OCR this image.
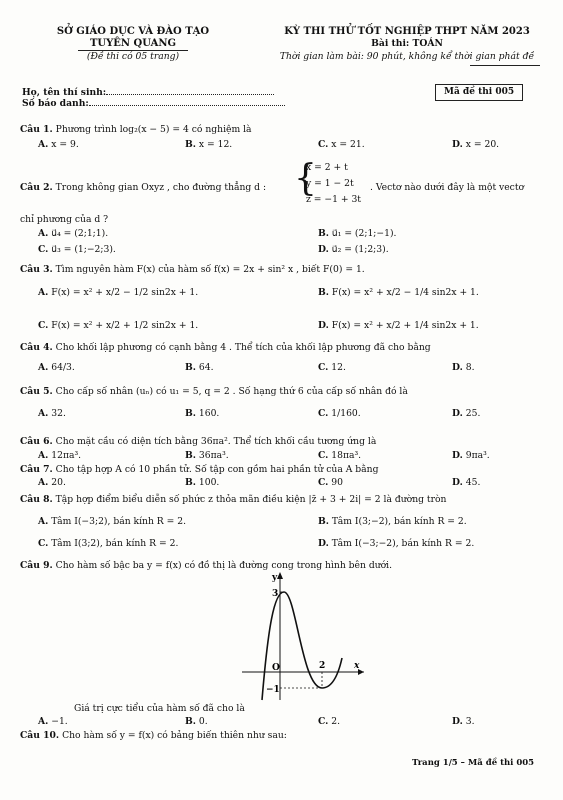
SỞ GIÁO DỤC VÀ ĐÀO TẠO
TUYÊN QUANG
(Đề thi có 05 trang)
KỲ THI THỬ TỐT NGHIỆP THPT NĂM 2023
Bài thi: TOÁN
Thời gian làm bài: 90 phút, không kể thời gian phát đề
Họ, tên thí sinh:
Số báo danh:
Mã đề thi 005
Câu 1. Phương trình log₂(x − 5) = 4 có nghiệm là
A. x = 9.	B. x = 12.	C. x = 21.	D. x = 20.
Câu 2. Trong không gian Oxyz , cho đường thẳng d : {
x = 2 + t
y = 1 − 2t
z = −1 + 3t
. Vectơ nào dưới đây là một vectơ
chỉ phương của d ?
A. u⃗₄ = (2;1;1).	B. u⃗₁ = (2;1;−1).
C. u⃗₃ = (1;−2;3).	D. u⃗₂ = (1;2;3).
Câu 3. Tìm nguyên hàm F(x) của hàm số f(x) = 2x + sin² x , biết F(0) = 1.
A. F(x) = x² + x/2 − 1/2 sin2x + 1.	B. F(x) = x² + x/2 − 1/4 sin2x + 1.
C. F(x) = x² + x/2 + 1/2 sin2x + 1.	D. F(x) = x² + x/2 + 1/4 sin2x + 1.
Câu 4. Cho khối lập phương có cạnh bằng 4 . Thể tích của khối lập phương đã cho bằng
A. 64/3.	B. 64.	C. 12.	D. 8.
Câu 5. Cho cấp số nhân (uₙ) có u₁ = 5, q = 2 . Số hạng thứ 6 của cấp số nhân đó là
A. 32.	B. 160.	C. 1/160.	D. 25.
Câu 6. Cho mặt cầu có diện tích bằng 36πa². Thể tích khối cầu tương ứng là
A. 12πa³.	B. 36πa³.	C. 18πa³.	D. 9πa³.
Câu 7. Cho tập hợp A có 10 phần tử. Số tập con gồm hai phần tử của A bằng
A. 20.	B. 100.	C. 90	D. 45.
Câu 8. Tập hợp điểm biểu diễn số phức z thỏa mãn điều kiện |z̄ + 3 + 2i| = 2 là đường tròn
A. Tâm I(−3;2), bán kính R = 2.	B. Tâm I(3;−2), bán kính R = 2.
C. Tâm I(3;2), bán kính R = 2.	D. Tâm I(−3;−2), bán kính R = 2.
Câu 9. Cho hàm số bậc ba y = f(x) có đồ thị là đường cong trong hình bên dưới.
y
x
3
O	2
−1
Giá trị cực tiểu của hàm số đã cho là
A. −1.	B. 0.	C. 2.	D. 3.
Câu 10. Cho hàm số y = f(x) có bảng biến thiên như sau:
Trang 1/5 – Mã đề thi 005
